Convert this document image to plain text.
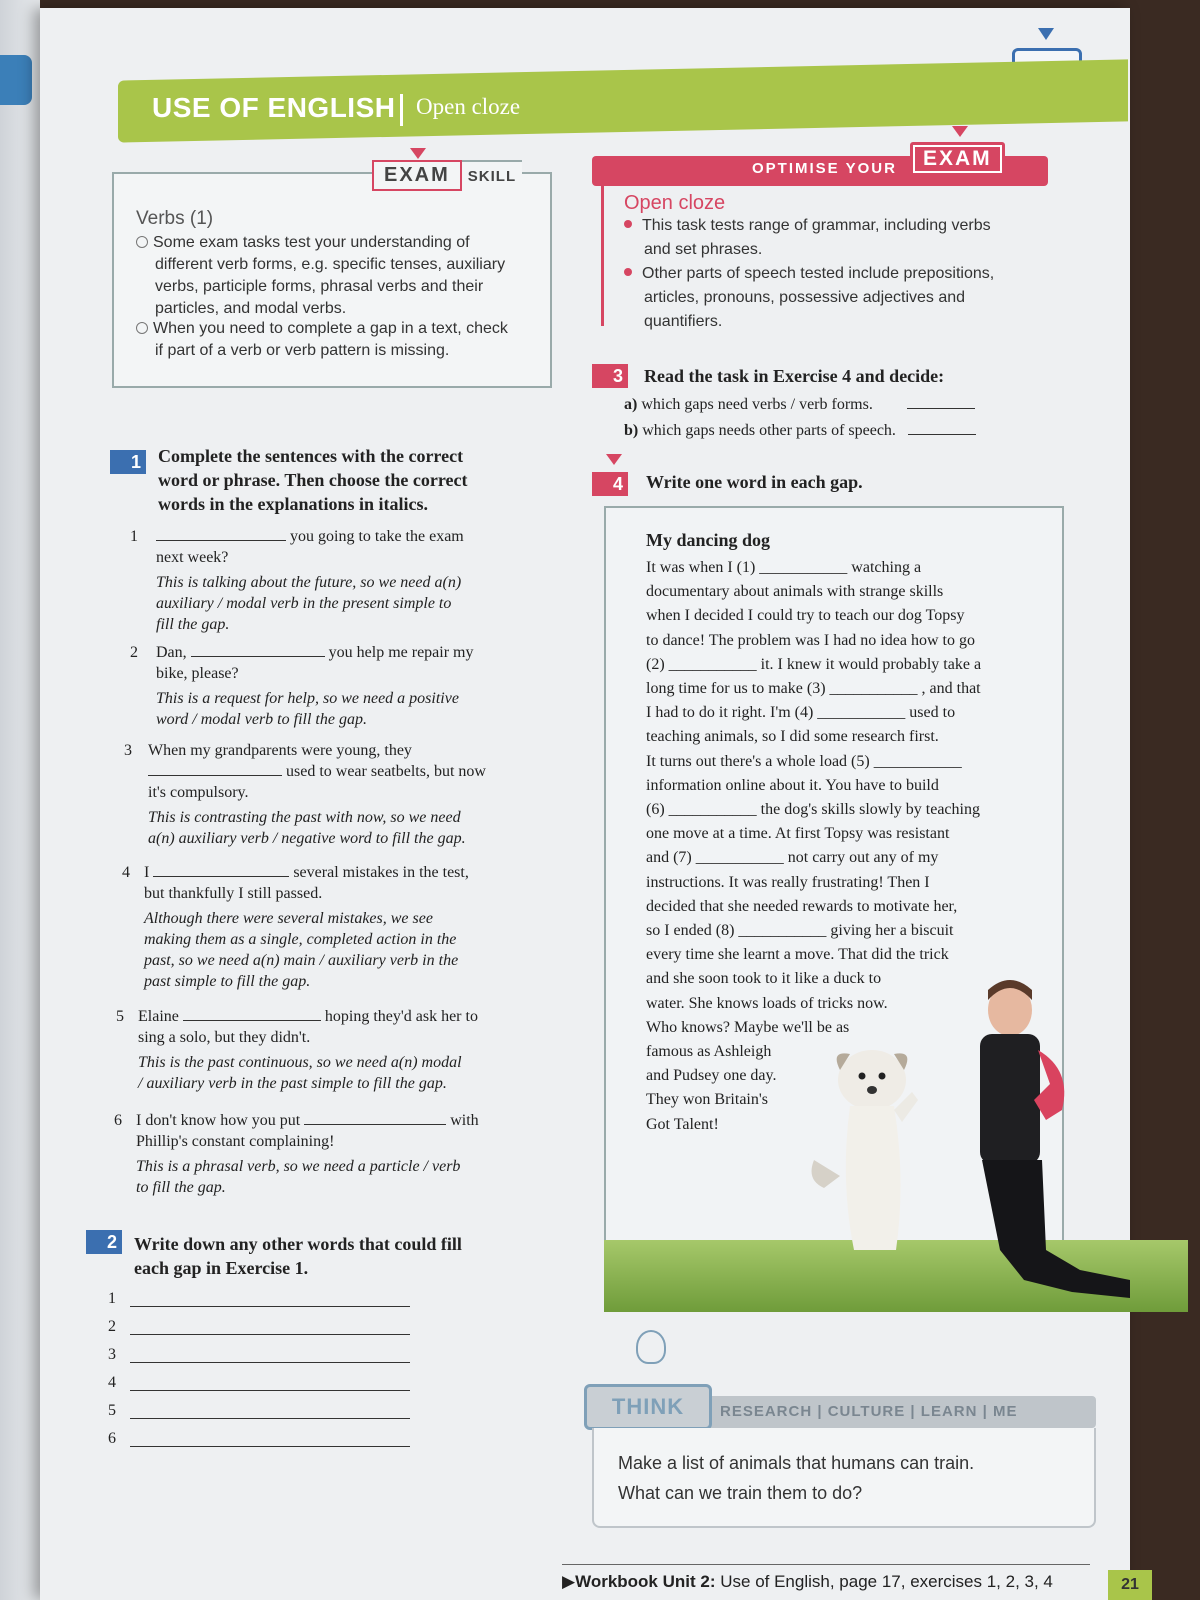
USE OF ENGLISH Open cloze
EXAM	SKILL
Verbs (1)
Some exam tasks test your understanding of
different verb forms, e.g. specific tenses, auxiliary
verbs, participle forms, phrasal verbs and their
particles, and modal verbs.
When you need to complete a gap in a text, check
if part of a verb or verb pattern is missing.
OPTIMISE YOUR	EXAM
Open cloze
This task tests range of grammar, including verbs
and set phrases.
Other parts of speech tested include prepositions,
articles, pronouns, possessive adjectives and
quantifiers.
3 Read the task in Exercise 4 and decide:
a) which gaps need verbs / verb forms.
b) which gaps needs other parts of speech.
1 Complete the sentences with the correct
word or phrase. Then choose the correct
words in the explanations in italics.
1	you going to take the exam
next week?
This is talking about the future, so we need a(n)
auxiliary / modal verb in the present simple to
fill the gap.
2 Dan,	you help me repair my
bike, please?
This is a request for help, so we need a positive
word / modal verb to fill the gap.
3 When my grandparents were young, they
used to wear seatbelts, but now
it's compulsory.
This is contrasting the past with now, so we need
a(n) auxiliary verb / negative word to fill the gap.
4 I	several mistakes in the test,
but thankfully I still passed.
Although there were several mistakes, we see
making them as a single, completed action in the
past, so we need a(n) main / auxiliary verb in the
past simple to fill the gap.
5 Elaine	hoping they'd ask her to
sing a solo, but they didn't.
This is the past continuous, so we need a(n) modal
/ auxiliary verb in the past simple to fill the gap.
6 I don't know how you put	with
Phillip's constant complaining!
This is a phrasal verb, so we need a particle / verb
to fill the gap.
2 Write down any other words that could fill
each gap in Exercise 1.
1
2
3
4
5
6
4 Write one word in each gap.
My dancing dog
It was when I (1) ___________ watching a
documentary about animals with strange skills
when I decided I could try to teach our dog Topsy
to dance! The problem was I had no idea how to go
(2) ___________ it. I knew it would probably take a
long time for us to make (3) ___________ , and that
I had to do it right. I'm (4) ___________ used to
teaching animals, so I did some research first.
It turns out there's a whole load (5) ___________
information online about it. You have to build
(6) ___________ the dog's skills slowly by teaching
one move at a time. At first Topsy was resistant
and (7) ___________ not carry out any of my
instructions. It was really frustrating! Then I
decided that she needed rewards to motivate her,
so I ended (8) ___________ giving her a biscuit
every time she learnt a move. That did the trick
and she soon took to it like a duck to
water. She knows loads of tricks now.
Who knows? Maybe we'll be as
famous as Ashleigh
and Pudsey one day.
They won Britain's
Got Talent!
THINK	RESEARCH | CULTURE | LEARN | ME
Make a list of animals that humans can train.
What can we train them to do?
▶Workbook Unit 2: Use of English, page 17, exercises 1, 2, 3, 4	21
